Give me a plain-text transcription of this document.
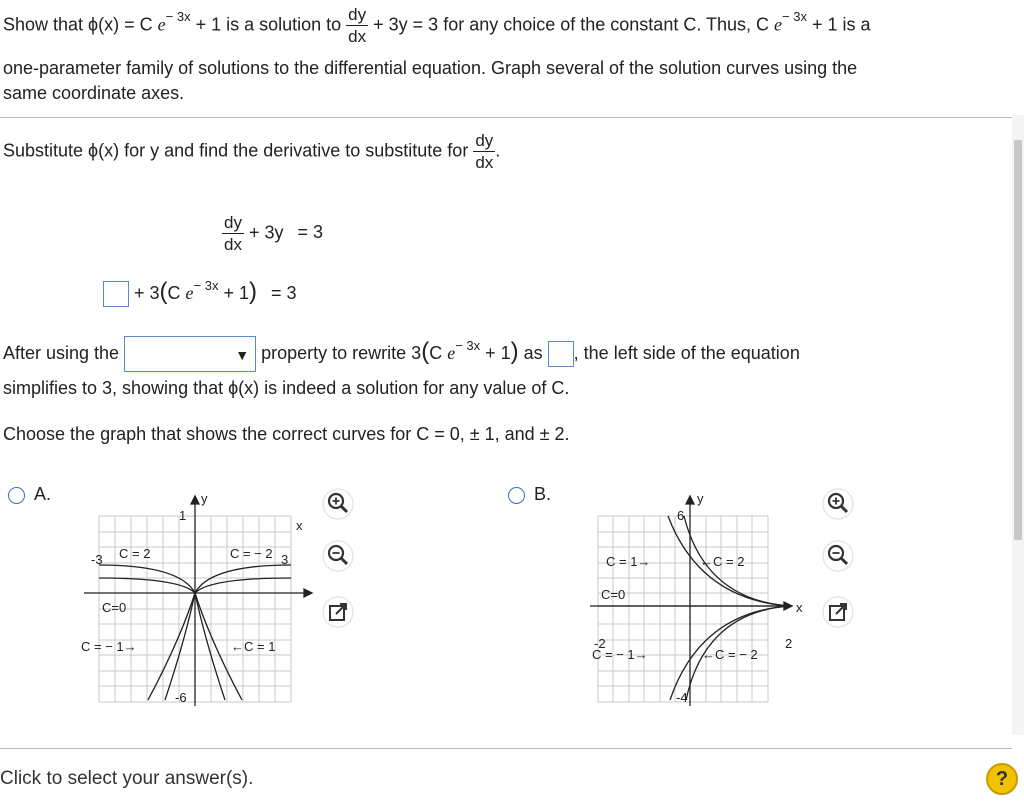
Show that ϕ(x) = C $e^{- 3x} + 1$ is a solution to $\frac{dy}{dx} + 3y = 3$ for any choice of the constant C. Thus, C $e^{- 3x} + 1$ is a
one-parameter family of solutions to the differential equation. Graph several of the solution curves using the
same coordinate axes.
Substitute ϕ(x) for y and find the derivative to substitute for $\frac{dy}{dx}$ .
$\frac{dy}{dx} + 3y = 3$
+ 3(C $e^{- 3x} + 1) = 3$
After using the	▼ property to rewrite 3(C $e^{- 3x} + 1$) as , the left side of the equation
simplifies to 3, showing that ϕ(x) is indeed a solution for any value of C.
Choose the graph that shows the correct curves for C = 0, ± 1, and ± 2.
A.	y
x
1
-3	3
-6
C = 2	C = − 2
C=0
C = − 1→	←C = 1
B.	y
x
6
-2	2
-4
C = 1→	←C = 2
C=0
C = − 1→	←C = − 2
Click to select your answer(s).	?
